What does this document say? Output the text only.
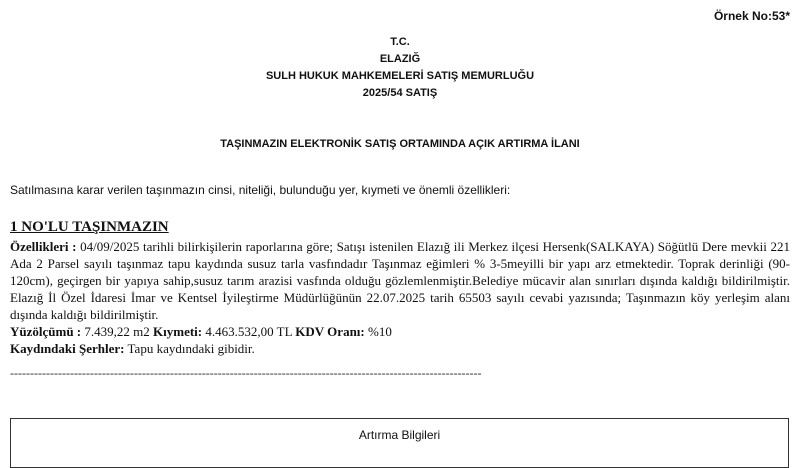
Örnek No:53*
T.C.
ELAZIĞ
SULH HUKUK MAHKEMELERİ SATIŞ MEMURLUĞU
2025/54 SATIŞ
TAŞINMAZIN ELEKTRONİK SATIŞ ORTAMINDA AÇIK ARTIRMA İLANI
Satılmasına karar verilen taşınmazın cinsi, niteliği, bulunduğu yer, kıymeti ve önemli özellikleri:
1 NO'LU TAŞINMAZIN
Özellikleri : 04/09/2025 tarihli bilirkişilerin raporlarına göre; Satışı istenilen Elazığ ili Merkez ilçesi Hersenk(SALKAYA) Söğütlü Dere mevkii 221 Ada 2 Parsel sayılı taşınmaz tapu kaydında susuz tarla vasfındadır Taşınmaz eğimleri % 3-5meyilli bir yapı arz etmektedir. Toprak derinliği (90-120cm), geçirgen bir yapıya sahip,susuz tarım arazisi vasfında olduğu gözlemlenmiştir.Belediye mücavir alan sınırları dışında kaldığı bildirilmiştir. Elazığ İl Özel İdaresi İmar ve Kentsel İyileştirme Müdürlüğünün 22.07.2025 tarih 65503 sayılı cevabi yazısında; Taşınmazın köy yerleşim alanı dışında kaldığı bildirilmiştir.
Yüzölçümü : 7.439,22 m2 Kıymeti: 4.463.532,00 TL KDV Oranı: %10
Kaydındaki Şerhler: Tapu kaydındaki gibidir.
----------------------------------------------------------------------------------------------------------------------
Artırma Bilgileri
